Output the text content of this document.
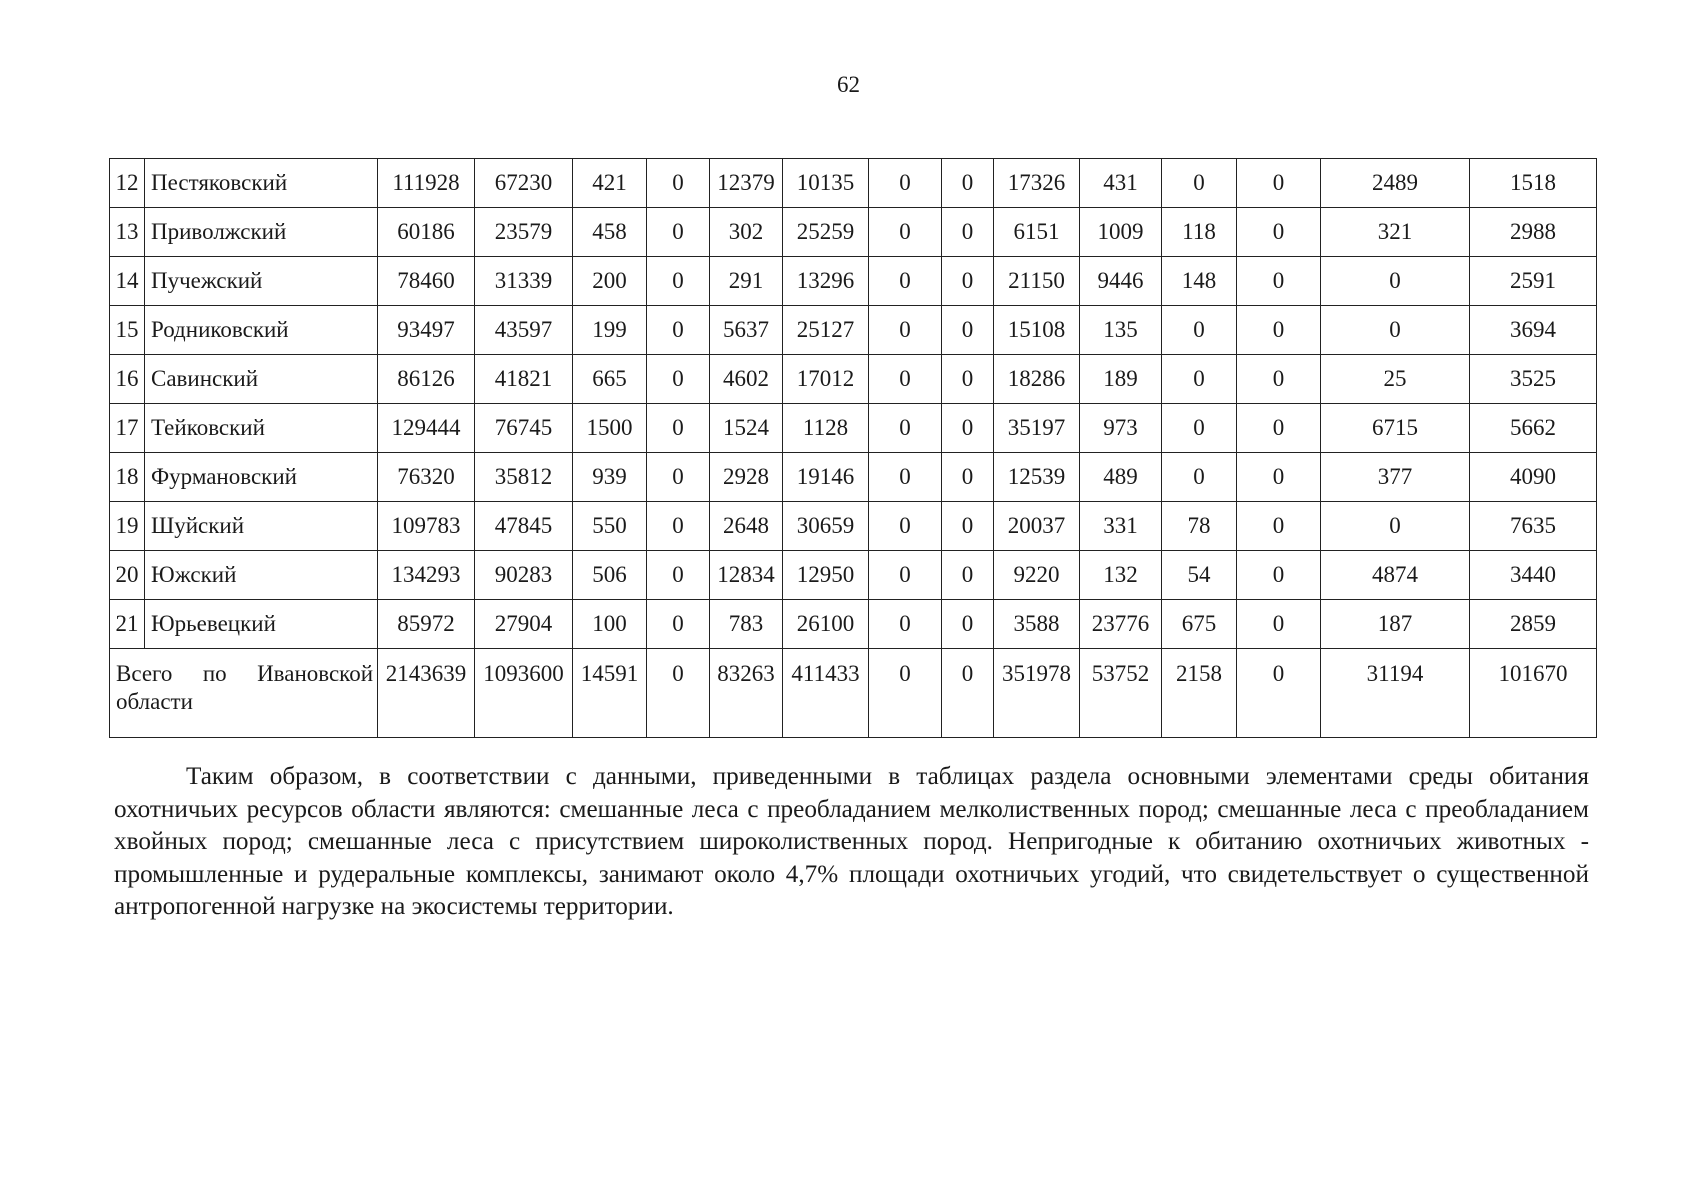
62
12	Пестяковский	111928	67230	421	0	12379	10135	0	0	17326	431	0	0	2489	1518
13	Приволжский	60186	23579	458	0	302	25259	0	0	6151	1009	118	0	321	2988
14	Пучежский	78460	31339	200	0	291	13296	0	0	21150	9446	148	0	0	2591
15	Родниковский	93497	43597	199	0	5637	25127	0	0	15108	135	0	0	0	3694
16	Савинский	86126	41821	665	0	4602	17012	0	0	18286	189	0	0	25	3525
17	Тейковский	129444	76745	1500	0	1524	1128	0	0	35197	973	0	0	6715	5662
18	Фурмановский	76320	35812	939	0	2928	19146	0	0	12539	489	0	0	377	4090
19	Шуйский	109783	47845	550	0	2648	30659	0	0	20037	331	78	0	0	7635
20	Южский	134293	90283	506	0	12834	12950	0	0	9220	132	54	0	4874	3440
21	Юрьевецкий	85972	27904	100	0	783	26100	0	0	3588	23776	675	0	187	2859
Всего по Ивановской области		2143639	1093600	14591	0	83263	411433	0	0	351978	53752	2158	0	31194	101670

Таким образом, в соответствии с данными, приведенными в таблицах раздела основными элементами среды обитания охотничьих ресурсов области являются: смешанные леса с преобладанием мелколиственных пород; смешанные леса с преобладанием хвойных пород; смешанные леса с присутствием широколиственных пород. Непригодные к обитанию охотничьих животных - промышленные и рудеральные комплексы, занимают около 4,7% площади охотничьих угодий, что свидетельствует о существенной антропогенной нагрузке на экосистемы территории.
